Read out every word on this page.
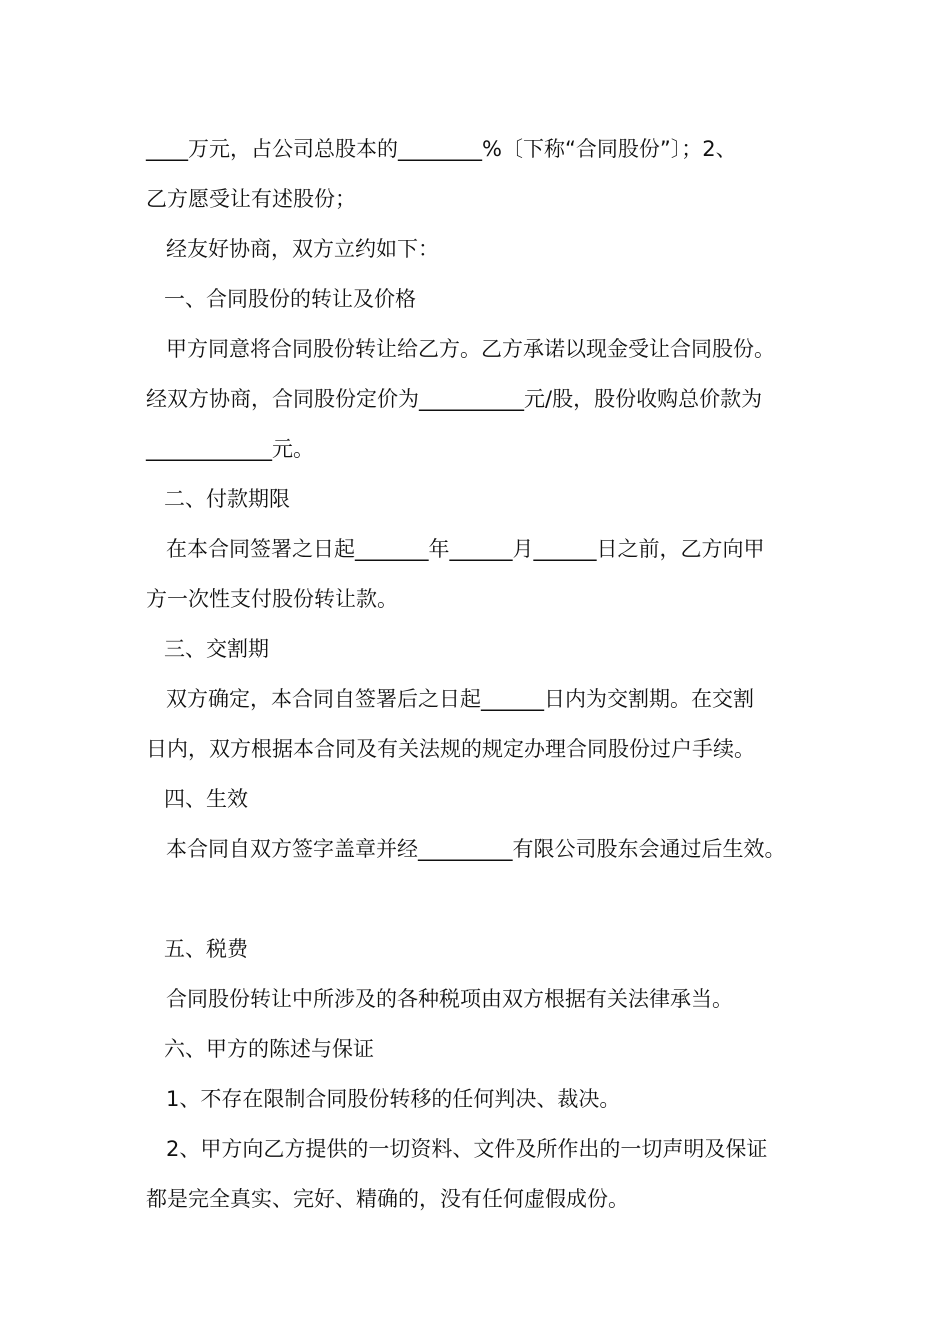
____万元，占公司总股本的________%〔下称“合同股份”〕；2、
乙方愿受让有述股份；
经友好协商，双方立约如下：
一、合同股份的转让及价格
甲方同意将合同股份转让给乙方。乙方承诺以现金受让合同股份。
经双方协商，合同股份定价为__________元/股，股份收购总价款为
____________元。
二、付款期限
在本合同签署之日起_______年______月______日之前，乙方向甲
方一次性支付股份转让款。
三、交割期
双方确定，本合同自签署后之日起______日内为交割期。在交割
日内，双方根据本合同及有关法规的规定办理合同股份过户手续。
四、生效
本合同自双方签字盖章并经_________有限公司股东会通过后生效。
五、税费
合同股份转让中所涉及的各种税项由双方根据有关法律承当。
六、甲方的陈述与保证
1、不存在限制合同股份转移的任何判决、裁决。
2、甲方向乙方提供的一切资料、文件及所作出的一切声明及保证
都是完全真实、完好、精确的，没有任何虚假成份。
